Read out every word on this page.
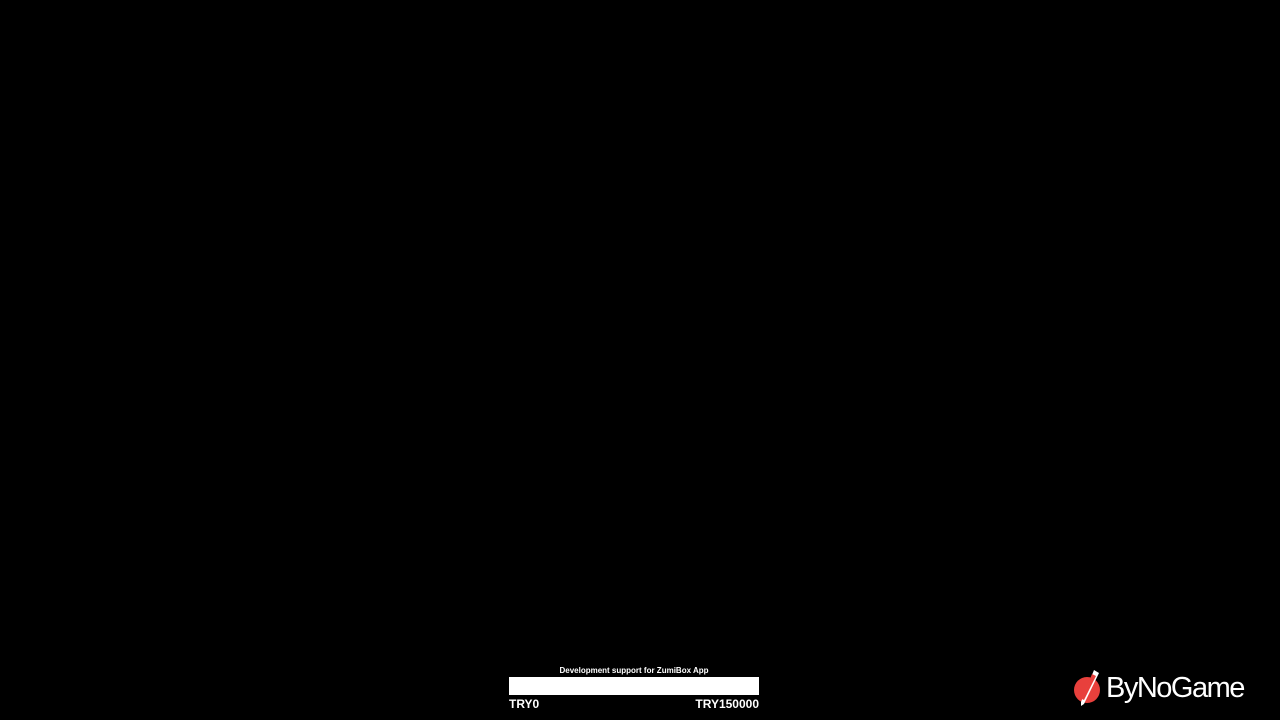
Development support for ZumiBox App
TRY0	TRY150000	ByNoGame
